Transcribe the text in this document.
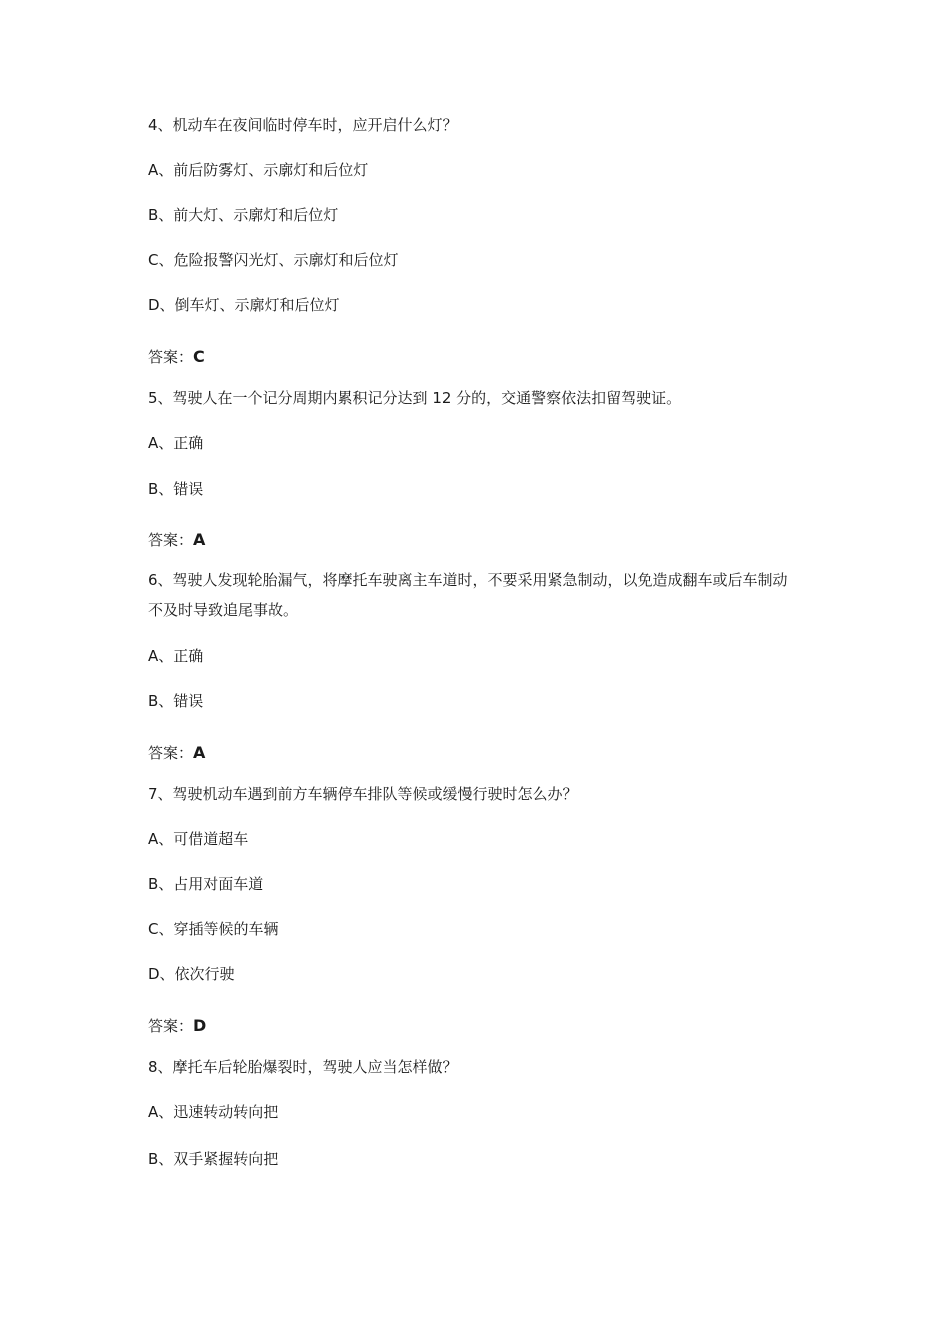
4、机动车在夜间临时停车时，应开启什么灯？
A、前后防雾灯、示廓灯和后位灯
B、前大灯、示廓灯和后位灯
C、危险报警闪光灯、示廓灯和后位灯
D、倒车灯、示廓灯和后位灯
答案：C
5、驾驶人在一个记分周期内累积记分达到 12 分的，交通警察依法扣留驾驶证。
A、正确
B、错误
答案：A
6、驾驶人发现轮胎漏气，将摩托车驶离主车道时，不要采用紧急制动，以免造成翻车或后车制动不及时导致追尾事故。
A、正确
B、错误
答案：A
7、驾驶机动车遇到前方车辆停车排队等候或缓慢行驶时怎么办？
A、可借道超车
B、占用对面车道
C、穿插等候的车辆
D、依次行驶
答案：D
8、摩托车后轮胎爆裂时，驾驶人应当怎样做？
A、迅速转动转向把
B、双手紧握转向把
